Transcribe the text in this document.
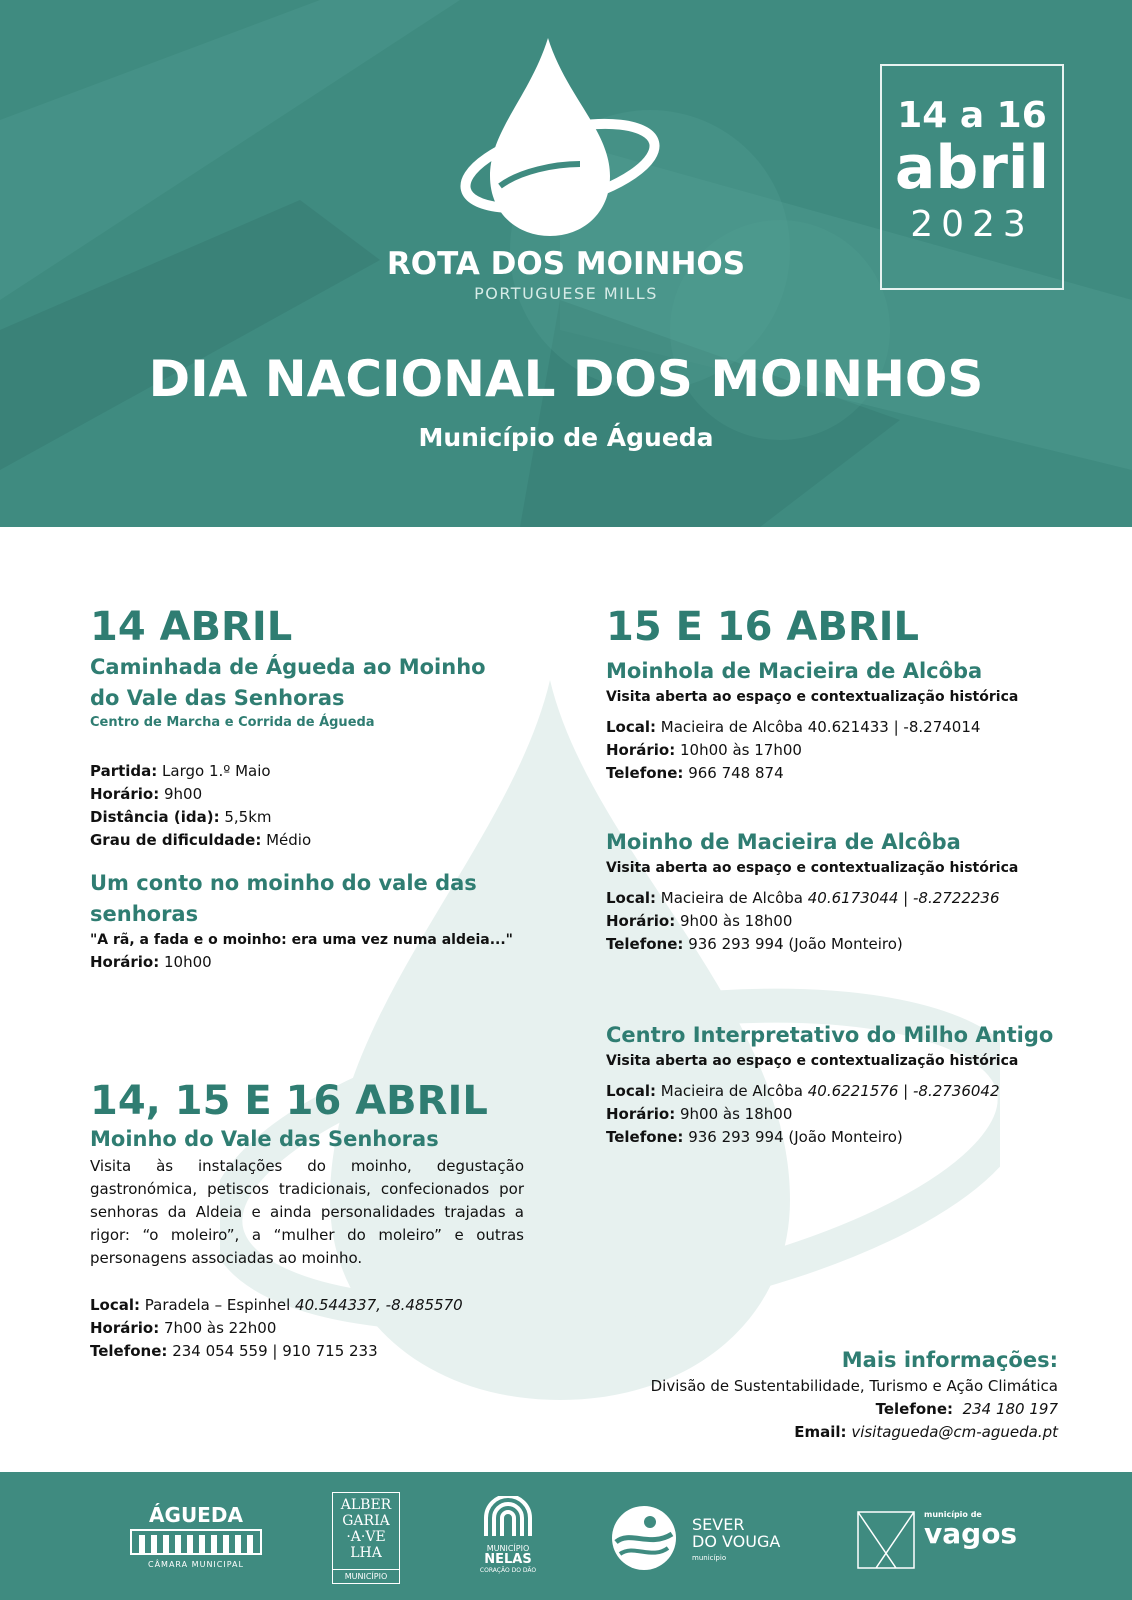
ROTA DOS MOINHOS
PORTUGUESE MILLS
14 a 16
abril
2023
DIA NACIONAL DOS MOINHOS
Município de Águeda
14 ABRIL
Caminhada de Águeda ao Moinho
do Vale das Senhoras
Centro de Marcha e Corrida de Águeda
Partida: Largo 1.º Maio
Horário: 9h00
Distância (ida): 5,5km
Grau de dificuldade: Médio
Um conto no moinho do vale das
senhoras
"A rã, a fada e o moinho: era uma vez numa aldeia..."
Horário: 10h00
14, 15 E 16 ABRIL
Moinho do Vale das Senhoras
Visita às instalações do moinho, degustação gastronómica, petiscos tradicionais, confecionados por senhoras da Aldeia e ainda personalidades trajadas a rigor: “o moleiro”, a “mulher do moleiro” e outras personagens associadas ao moinho.
Local: Paradela – Espinhel 40.544337, -8.485570
Horário: 7h00 às 22h00
Telefone: 234 054 559 | 910 715 233
15 E 16 ABRIL
Moinhola de Macieira de Alcôba
Visita aberta ao espaço e contextualização histórica
Local: Macieira de Alcôba 40.621433 | -8.274014
Horário: 10h00 às 17h00
Telefone: 966 748 874
Moinho de Macieira de Alcôba
Visita aberta ao espaço e contextualização histórica
Local: Macieira de Alcôba 40.6173044 | -8.2722236
Horário: 9h00 às 18h00
Telefone: 936 293 994 (João Monteiro)
Centro Interpretativo do Milho Antigo
Visita aberta ao espaço e contextualização histórica
Local: Macieira de Alcôba 40.6221576 | -8.2736042
Horário: 9h00 às 18h00
Telefone: 936 293 994 (João Monteiro)
Mais informações:
Divisão de Sustentabilidade, Turismo e Ação Climática
Telefone: 234 180 197
Email: visitagueda@cm-agueda.pt
ÁGUEDA
CÂMARA MUNICIPAL
ALBER
GARIA
·A·VE
LHA
MUNICÍPIO
MUNICÍPIO
NELAS
CORAÇÃO DO DÃO
SEVER
DO VOUGA
município
município de
vagos
